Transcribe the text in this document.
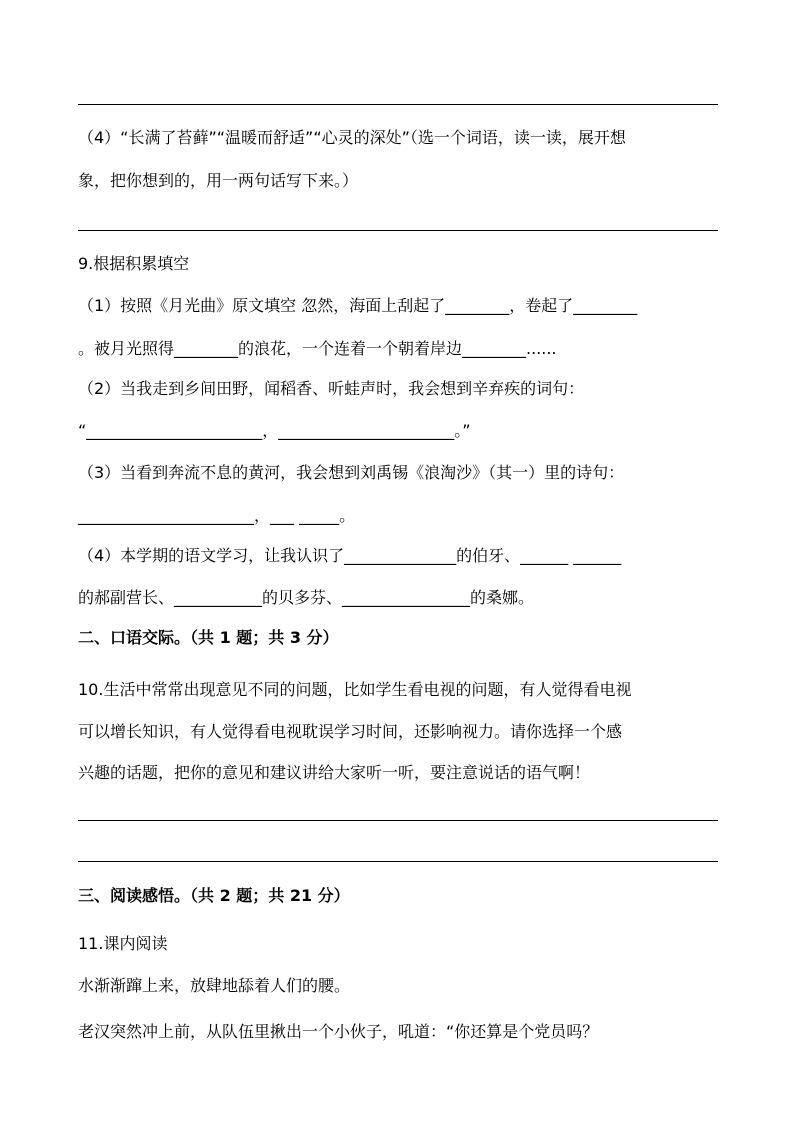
（4）“长满了苔藓”“温暖而舒适”“心灵的深处”（选一个词语，读一读，展开想
象，把你想到的，用一两句话写下来。）
9.根据积累填空
（1）按照《月光曲》原文填空 忽然，海面上刮起了________，卷起了________
。被月光照得________的浪花，一个连着一个朝着岸边________......
（2）当我走到乡间田野，闻稻香、听蛙声时，我会想到辛弃疾的词句：
“______________________，______________________。”
（3）当看到奔流不息的黄河，我会想到刘禹锡《浪淘沙》（其一）里的诗句：
______________________，___ _____。
（4）本学期的语文学习，让我认识了______________的伯牙、______ ______
的郝副营长、___________的贝多芬、________________的桑娜。
二、口语交际。（共 1 题；共 3 分）
10.生活中常常出现意见不同的问题，比如学生看电视的问题，有人觉得看电视
可以增长知识，有人觉得看电视耽误学习时间，还影响视力。请你选择一个感
兴趣的话题，把你的意见和建议讲给大家听一听，要注意说话的语气啊！
三、阅读感悟。（共 2 题；共 21 分）
11.课内阅读
水渐渐蹿上来，放肆地舔着人们的腰。
老汉突然冲上前，从队伍里揪出一个小伙子，吼道：“你还算是个党员吗？
